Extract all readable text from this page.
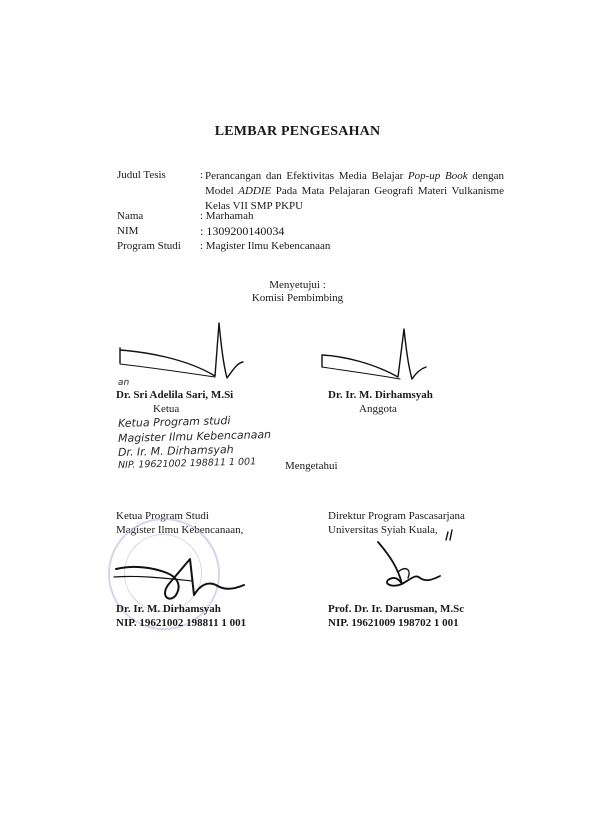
LEMBAR PENGESAHAN
Judul Tesis	: Perancangan dan Efektivitas Media Belajar Pop-up Book dengan Model ADDIE Pada Mata Pelajaran Geografi Materi Vulkanisme Kelas VII SMP PKPU
Nama	: Marhamah
NIM	: 1309200140034
Program Studi : Magister Ilmu Kebencanaan
Menyetujui :
Komisi Pembimbing
an
Dr. Sri Adelila Sari, M.Si
Ketua
Dr. Ir. M. Dirhamsyah
Anggota
Ketua Program studi
Magister Ilmu Kebencanaan
Dr. Ir. M. Dirhamsyah
NIP. 19621002 198811 1 001	Mengetahui
Ketua Program Studi
Magister Ilmu Kebencanaan,
Dr. Ir. M. Dirhamsyah
NIP. 19621002 198811 1 001
Direktur Program Pascasarjana
Universitas Syiah Kuala,
Prof. Dr. Ir. Darusman, M.Sc
NIP. 19621009 198702 1 001
